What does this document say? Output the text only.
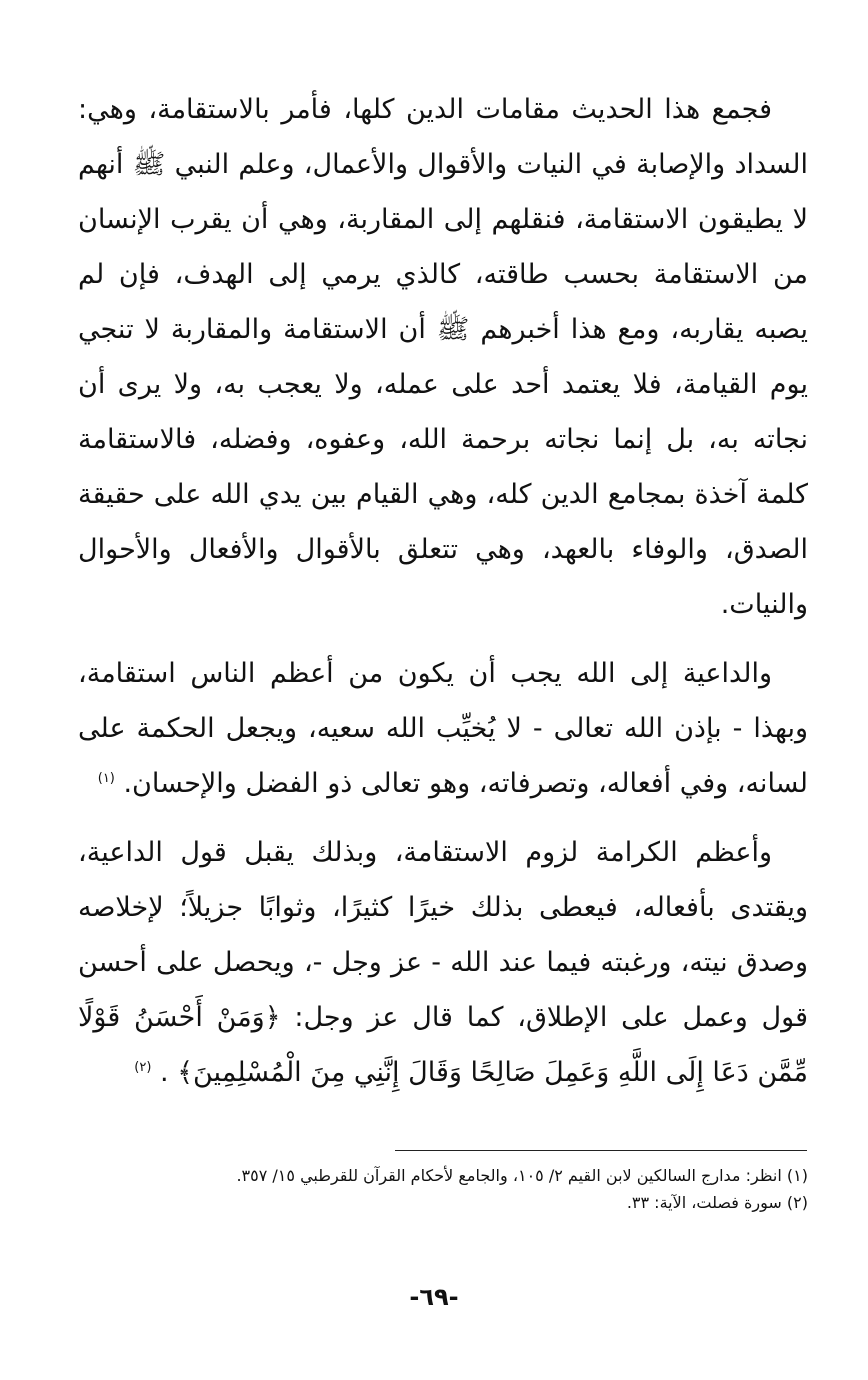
فجمع هذا الحديث مقامات الدين كلها، فأمر بالاستقامة، وهي: السداد والإصابة في النيات والأقوال والأعمال، وعلم النبي ﷺ أنهم لا يطيقون الاستقامة، فنقلهم إلى المقاربة، وهي أن يقرب الإنسان من الاستقامة بحسب طاقته، كالذي يرمي إلى الهدف، فإن لم يصبه يقاربه، ومع هذا أخبرهم ﷺ أن الاستقامة والمقاربة لا تنجي يوم القيامة، فلا يعتمد أحد على عمله، ولا يعجب به، ولا يرى أن نجاته به، بل إنما نجاته برحمة الله، وعفوه، وفضله، فالاستقامة كلمة آخذة بمجامع الدين كله، وهي القيام بين يدي الله على حقيقة الصدق، والوفاء بالعهد، وهي تتعلق بالأقوال والأفعال والأحوال والنيات.

والداعية إلى الله يجب أن يكون من أعظم الناس استقامة، وبهذا - بإذن الله تعالى - لا يُخيِّب الله سعيه، ويجعل الحكمة على لسانه، وفي أفعاله، وتصرفاته، وهو تعالى ذو الفضل والإحسان. $^{(١)}$

وأعظم الكرامة لزوم الاستقامة، وبذلك يقبل قول الداعية، ويقتدى بأفعاله، فيعطى بذلك خيرًا كثيرًا، وثوابًا جزيلاً؛ لإخلاصه وصدق نيته، ورغبته فيما عند الله - عز وجل -، ويحصل على أحسن قول وعمل على الإطلاق، كما قال عز وجل: ﴿وَمَنْ أَحْسَنُ قَوْلًا مِّمَّن دَعَا إِلَى اللَّهِ وَعَمِلَ صَالِحًا وَقَالَ إِنَّنِي مِنَ الْمُسْلِمِينَ﴾ . $^{(٢)}$

(١) انظر: مدارج السالكين لابن القيم ٢/ ١٠٥، والجامع لأحكام القرآن للقرطبي ١٥/ ٣٥٧.

(٢) سورة فصلت، الآية: ٣٣.

-٦٩-
